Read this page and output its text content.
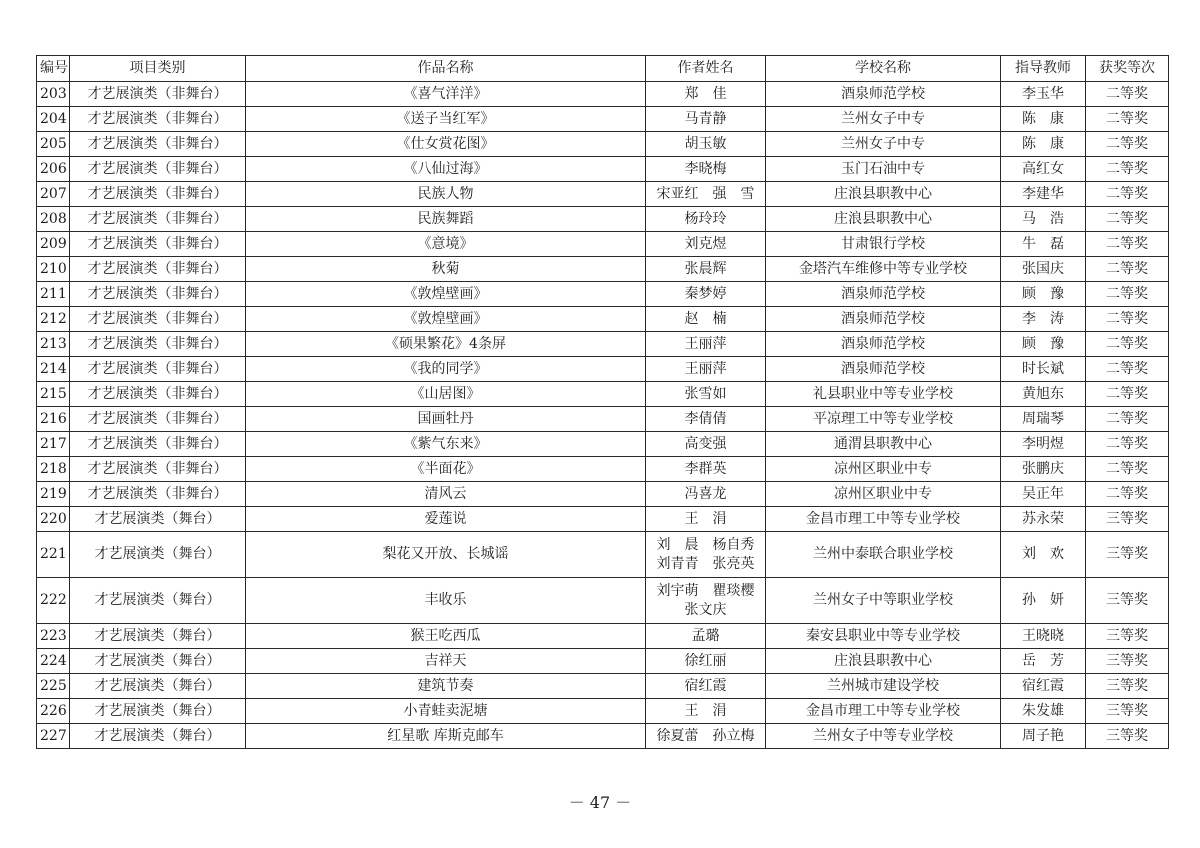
编号	项目类别	作品名称	作者姓名	学校名称	指导教师	获奖等次
203	才艺展演类（非舞台）	《喜气洋洋》	郑　佳	酒泉师范学校	李玉华	二等奖
204	才艺展演类（非舞台）	《送子当红军》	马青静	兰州女子中专	陈　康	二等奖
205	才艺展演类（非舞台）	《仕女赏花图》	胡玉敏	兰州女子中专	陈　康	二等奖
206	才艺展演类（非舞台）	《八仙过海》	李晓梅	玉门石油中专	高红女	二等奖
207	才艺展演类（非舞台）	民族人物	宋亚红　强　雪	庄浪县职教中心	李建华	二等奖
208	才艺展演类（非舞台）	民族舞蹈	杨玲玲	庄浪县职教中心	马　浩	二等奖
209	才艺展演类（非舞台）	《意境》	刘克煜	甘肃银行学校	牛　磊	二等奖
210	才艺展演类（非舞台）	秋菊	张晨辉	金塔汽车维修中等专业学校	张国庆	二等奖
211	才艺展演类（非舞台）	《敦煌壁画》	秦梦婷	酒泉师范学校	顾　豫	二等奖
212	才艺展演类（非舞台）	《敦煌壁画》	赵　楠	酒泉师范学校	李　涛	二等奖
213	才艺展演类（非舞台）	《硕果繁花》4条屏	王丽萍	酒泉师范学校	顾　豫	二等奖
214	才艺展演类（非舞台）	《我的同学》	王丽萍	酒泉师范学校	时长斌	二等奖
215	才艺展演类（非舞台）	《山居图》	张雪如	礼县职业中等专业学校	黄旭东	二等奖
216	才艺展演类（非舞台）	国画牡丹	李倩倩	平凉理工中等专业学校	周瑞琴	二等奖
217	才艺展演类（非舞台）	《紫气东来》	高变强	通渭县职教中心	李明煜	二等奖
218	才艺展演类（非舞台）	《半面花》	李群英	凉州区职业中专	张鹏庆	二等奖
219	才艺展演类（非舞台）	清风云	冯喜龙	凉州区职业中专	吴正年	二等奖
220	才艺展演类（舞台）	爱莲说	王　涓	金昌市理工中等专业学校	苏永荣	三等奖
221	才艺展演类（舞台）	梨花又开放、长城谣	刘　晨　杨自秀
刘青青　张亮英	兰州中泰联合职业学校	刘　欢	三等奖
222	才艺展演类（舞台）	丰收乐	刘宇萌　瞿琰樱
张文庆	兰州女子中等职业学校	孙　妍	三等奖
223	才艺展演类（舞台）	猴王吃西瓜	孟璐	秦安县职业中等专业学校	王晓晓	三等奖
224	才艺展演类（舞台）	吉祥天	徐红丽	庄浪县职教中心	岳　芳	三等奖
225	才艺展演类（舞台）	建筑节奏	宿红霞	兰州城市建设学校	宿红霞	三等奖
226	才艺展演类（舞台）	小青蛙卖泥塘	王　涓	金昌市理工中等专业学校	朱发雄	三等奖
227	才艺展演类（舞台）	红星歌 库斯克邮车	徐夏蕾　孙立梅	兰州女子中等专业学校	周子艳	三等奖
－ 47 －
